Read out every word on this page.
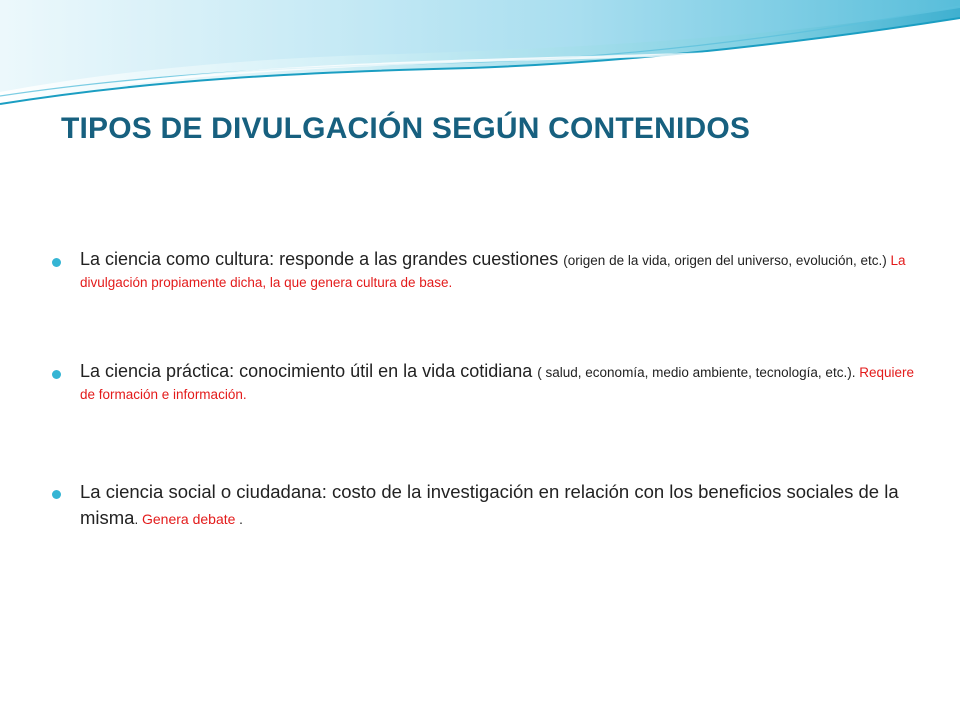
TIPOS DE DIVULGACIÓN SEGÚN CONTENIDOS
La ciencia como cultura: responde a las grandes cuestiones (origen de la vida, origen del universo, evolución, etc.) La divulgación propiamente dicha, la que genera cultura de base.
La ciencia práctica: conocimiento útil en la vida cotidiana ( salud, economía, medio ambiente, tecnología, etc.). Requiere de formación e información.
La ciencia social o ciudadana: costo de la investigación en relación con los beneficios sociales de la misma. Genera debate .
